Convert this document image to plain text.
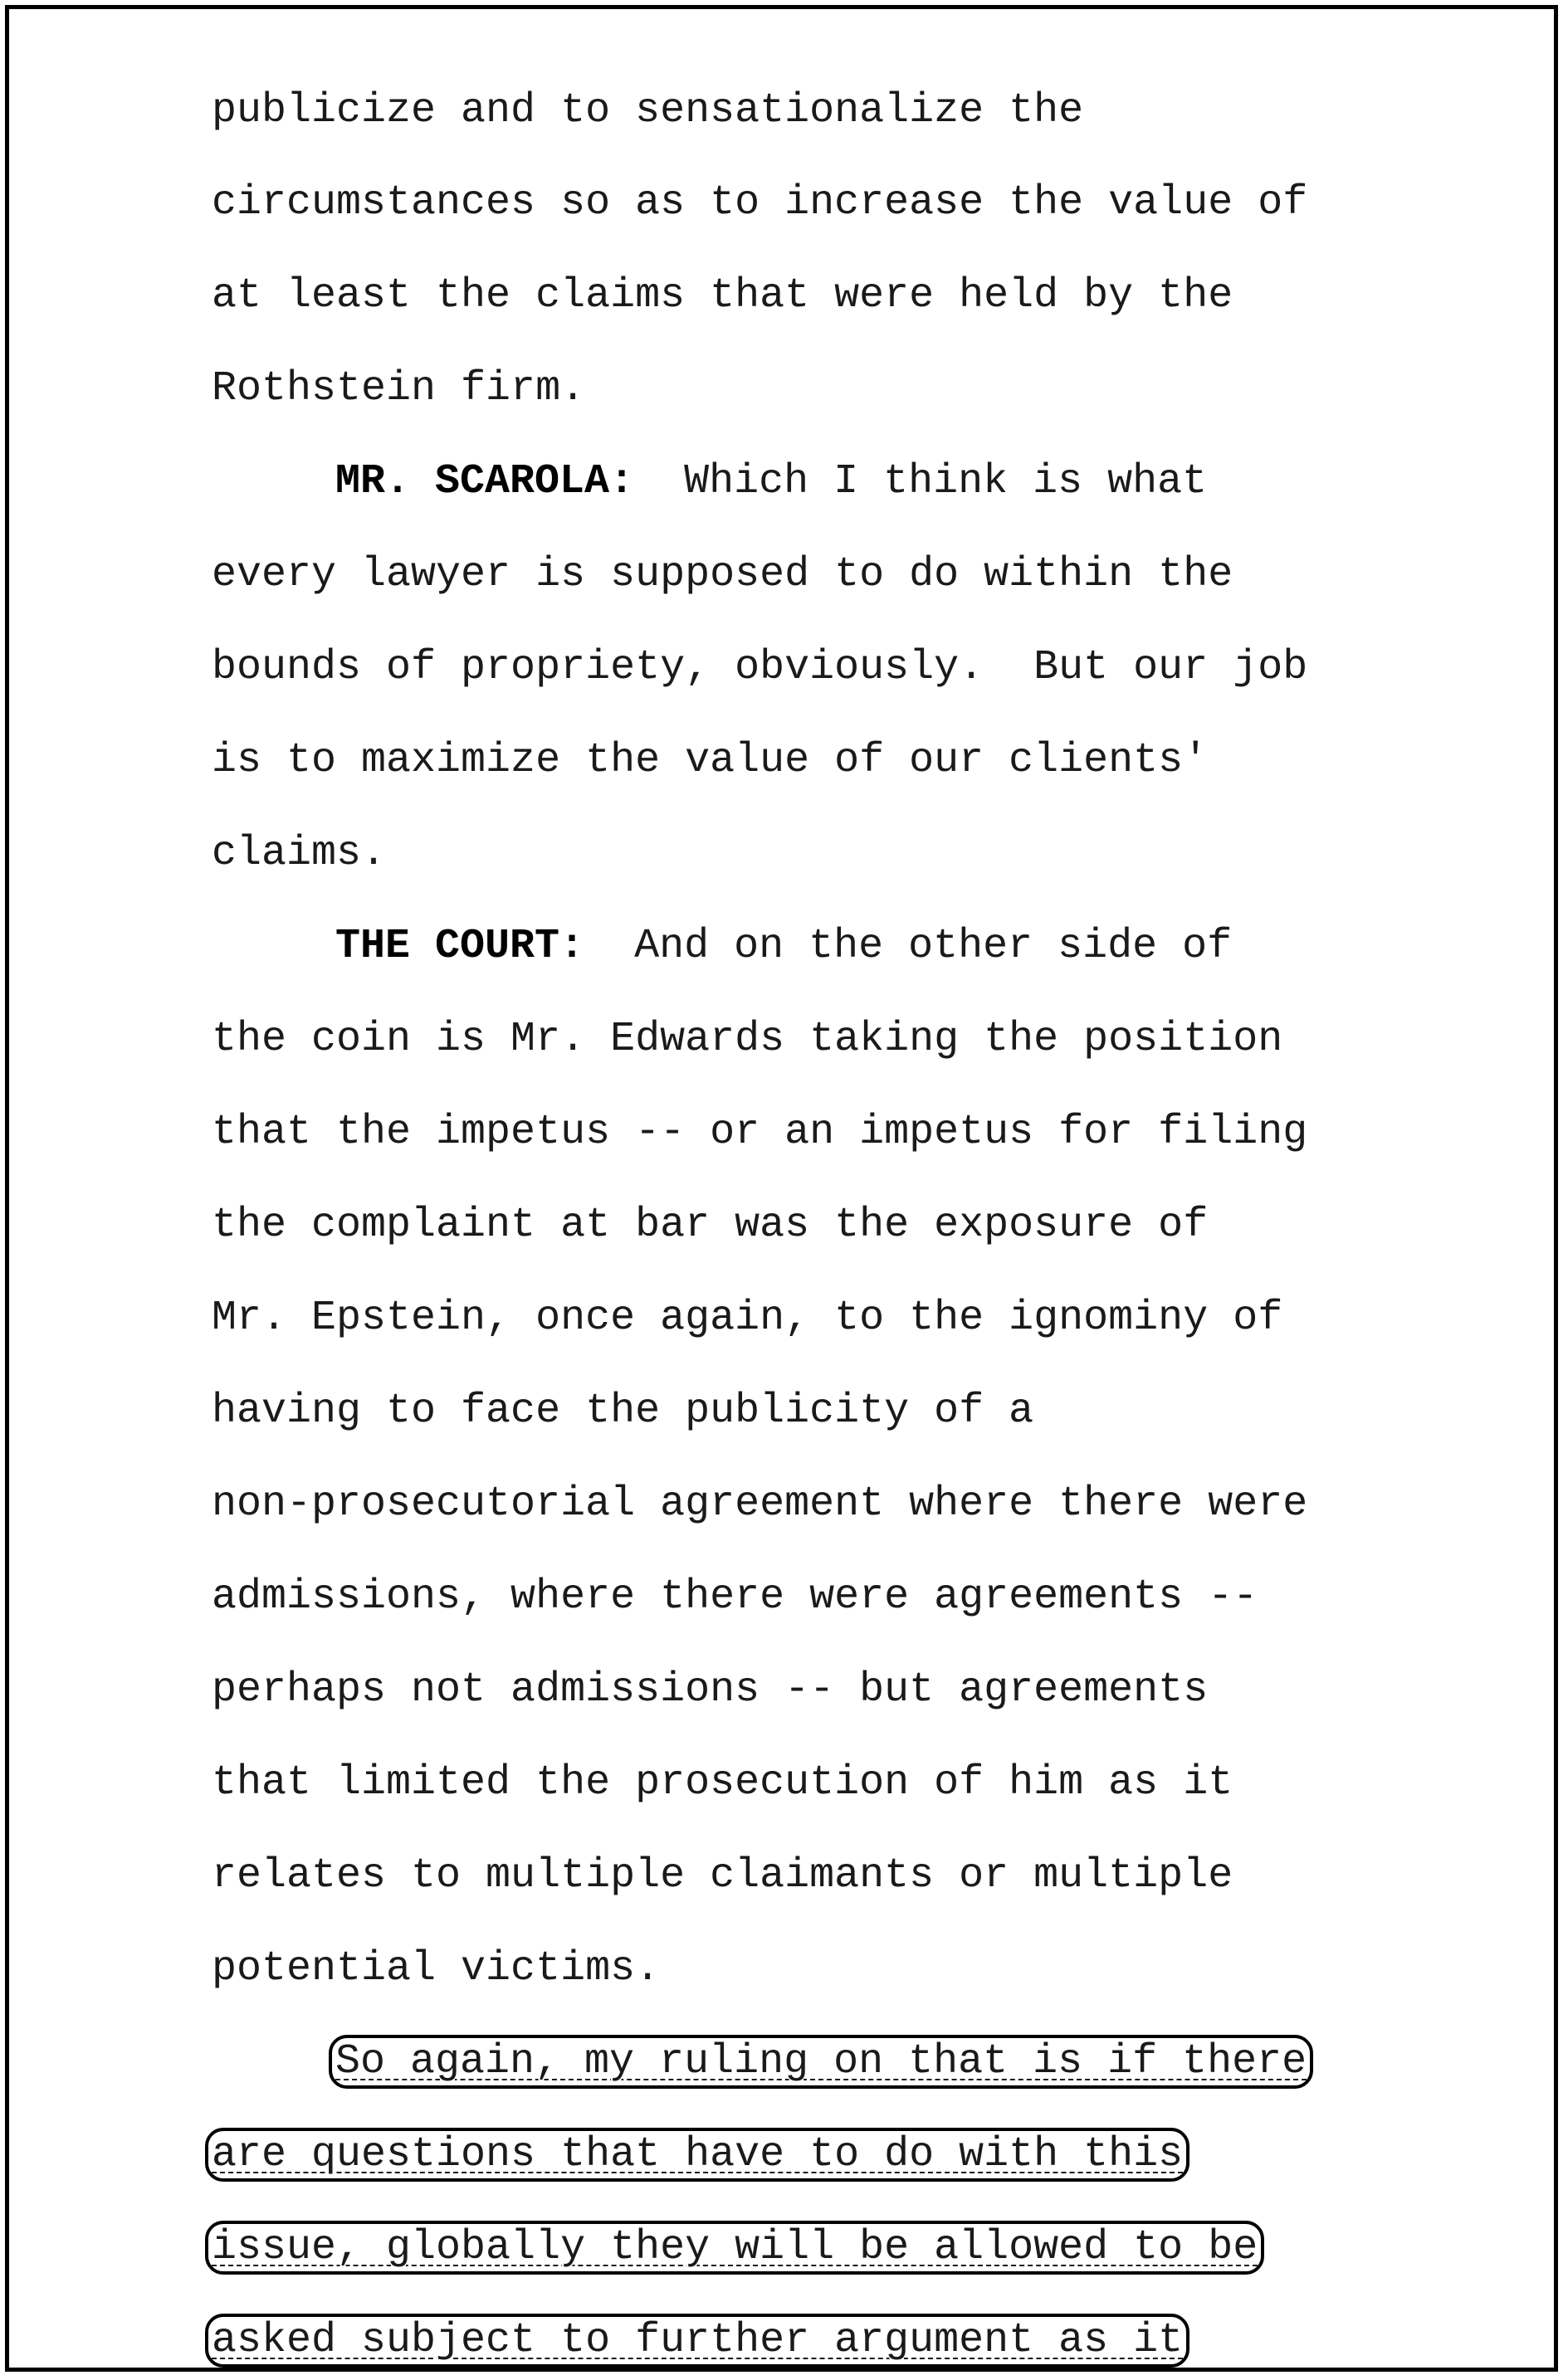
publicize and to sensationalize the
circumstances so as to increase the value of
at least the claims that were held by the
Rothstein firm.
MR. SCAROLA:  Which I think is what
every lawyer is supposed to do within the
bounds of propriety, obviously.  But our job
is to maximize the value of our clients'
claims.
THE COURT:  And on the other side of
the coin is Mr. Edwards taking the position
that the impetus -- or an impetus for filing
the complaint at bar was the exposure of
Mr. Epstein, once again, to the ignominy of
having to face the publicity of a
non-prosecutorial agreement where there were
admissions, where there were agreements --
perhaps not admissions -- but agreements
that limited the prosecution of him as it
relates to multiple claimants or multiple
potential victims.
So again, my ruling on that is if there
are questions that have to do with this
issue, globally they will be allowed to be
asked subject to further argument as it
